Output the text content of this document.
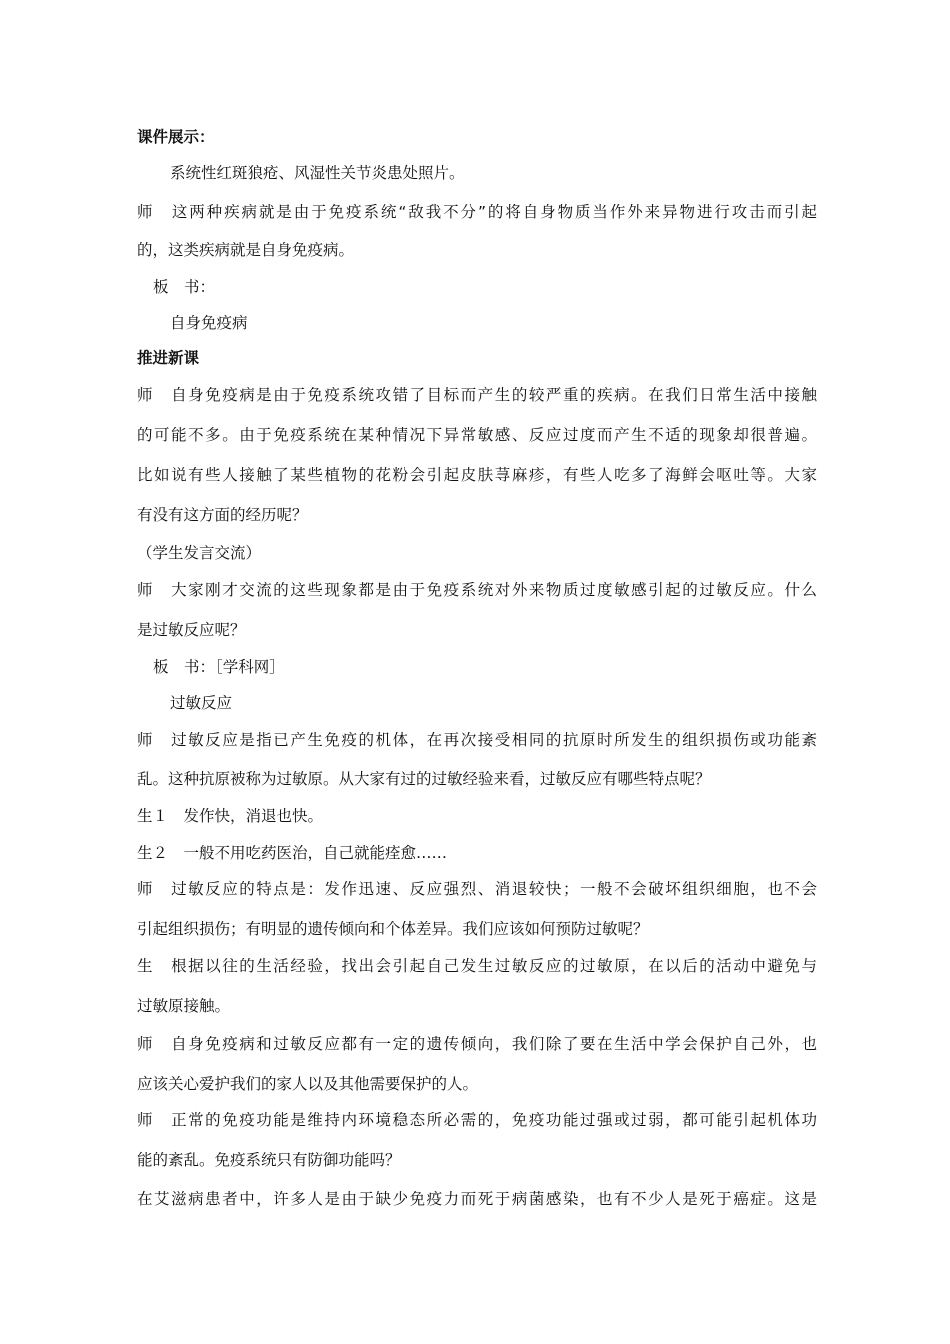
课件展示：
系统性红斑狼疮、风湿性关节炎患处照片。
师　这两种疾病就是由于免疫系统“敌我不分”的将自身物质当作外来异物进行攻击而引起
的，这类疾病就是自身免疫病。
板　书：
自身免疫病
推进新课
师　自身免疫病是由于免疫系统攻错了目标而产生的较严重的疾病。在我们日常生活中接触
的可能不多。由于免疫系统在某种情况下异常敏感、反应过度而产生不适的现象却很普遍。
比如说有些人接触了某些植物的花粉会引起皮肤荨麻疹，有些人吃多了海鲜会呕吐等。大家
有没有这方面的经历呢？
（学生发言交流）
师　大家刚才交流的这些现象都是由于免疫系统对外来物质过度敏感引起的过敏反应。什么
是过敏反应呢？
板　书：［学科网］
过敏反应
师　过敏反应是指已产生免疫的机体，在再次接受相同的抗原时所发生的组织损伤或功能紊
乱。这种抗原被称为过敏原。从大家有过的过敏经验来看，过敏反应有哪些特点呢？
生１　发作快，消退也快。
生２　一般不用吃药医治，自己就能痊愈……
师　过敏反应的特点是：发作迅速、反应强烈、消退较快；一般不会破坏组织细胞，也不会
引起组织损伤；有明显的遗传倾向和个体差异。我们应该如何预防过敏呢？
生　根据以往的生活经验，找出会引起自己发生过敏反应的过敏原，在以后的活动中避免与
过敏原接触。
师　自身免疫病和过敏反应都有一定的遗传倾向，我们除了要在生活中学会保护自己外，也
应该关心爱护我们的家人以及其他需要保护的人。
师　正常的免疫功能是维持内环境稳态所必需的，免疫功能过强或过弱，都可能引起机体功
能的紊乱。免疫系统只有防御功能吗？
在艾滋病患者中，许多人是由于缺少免疫力而死于病菌感染，也有不少人是死于癌症。这是
